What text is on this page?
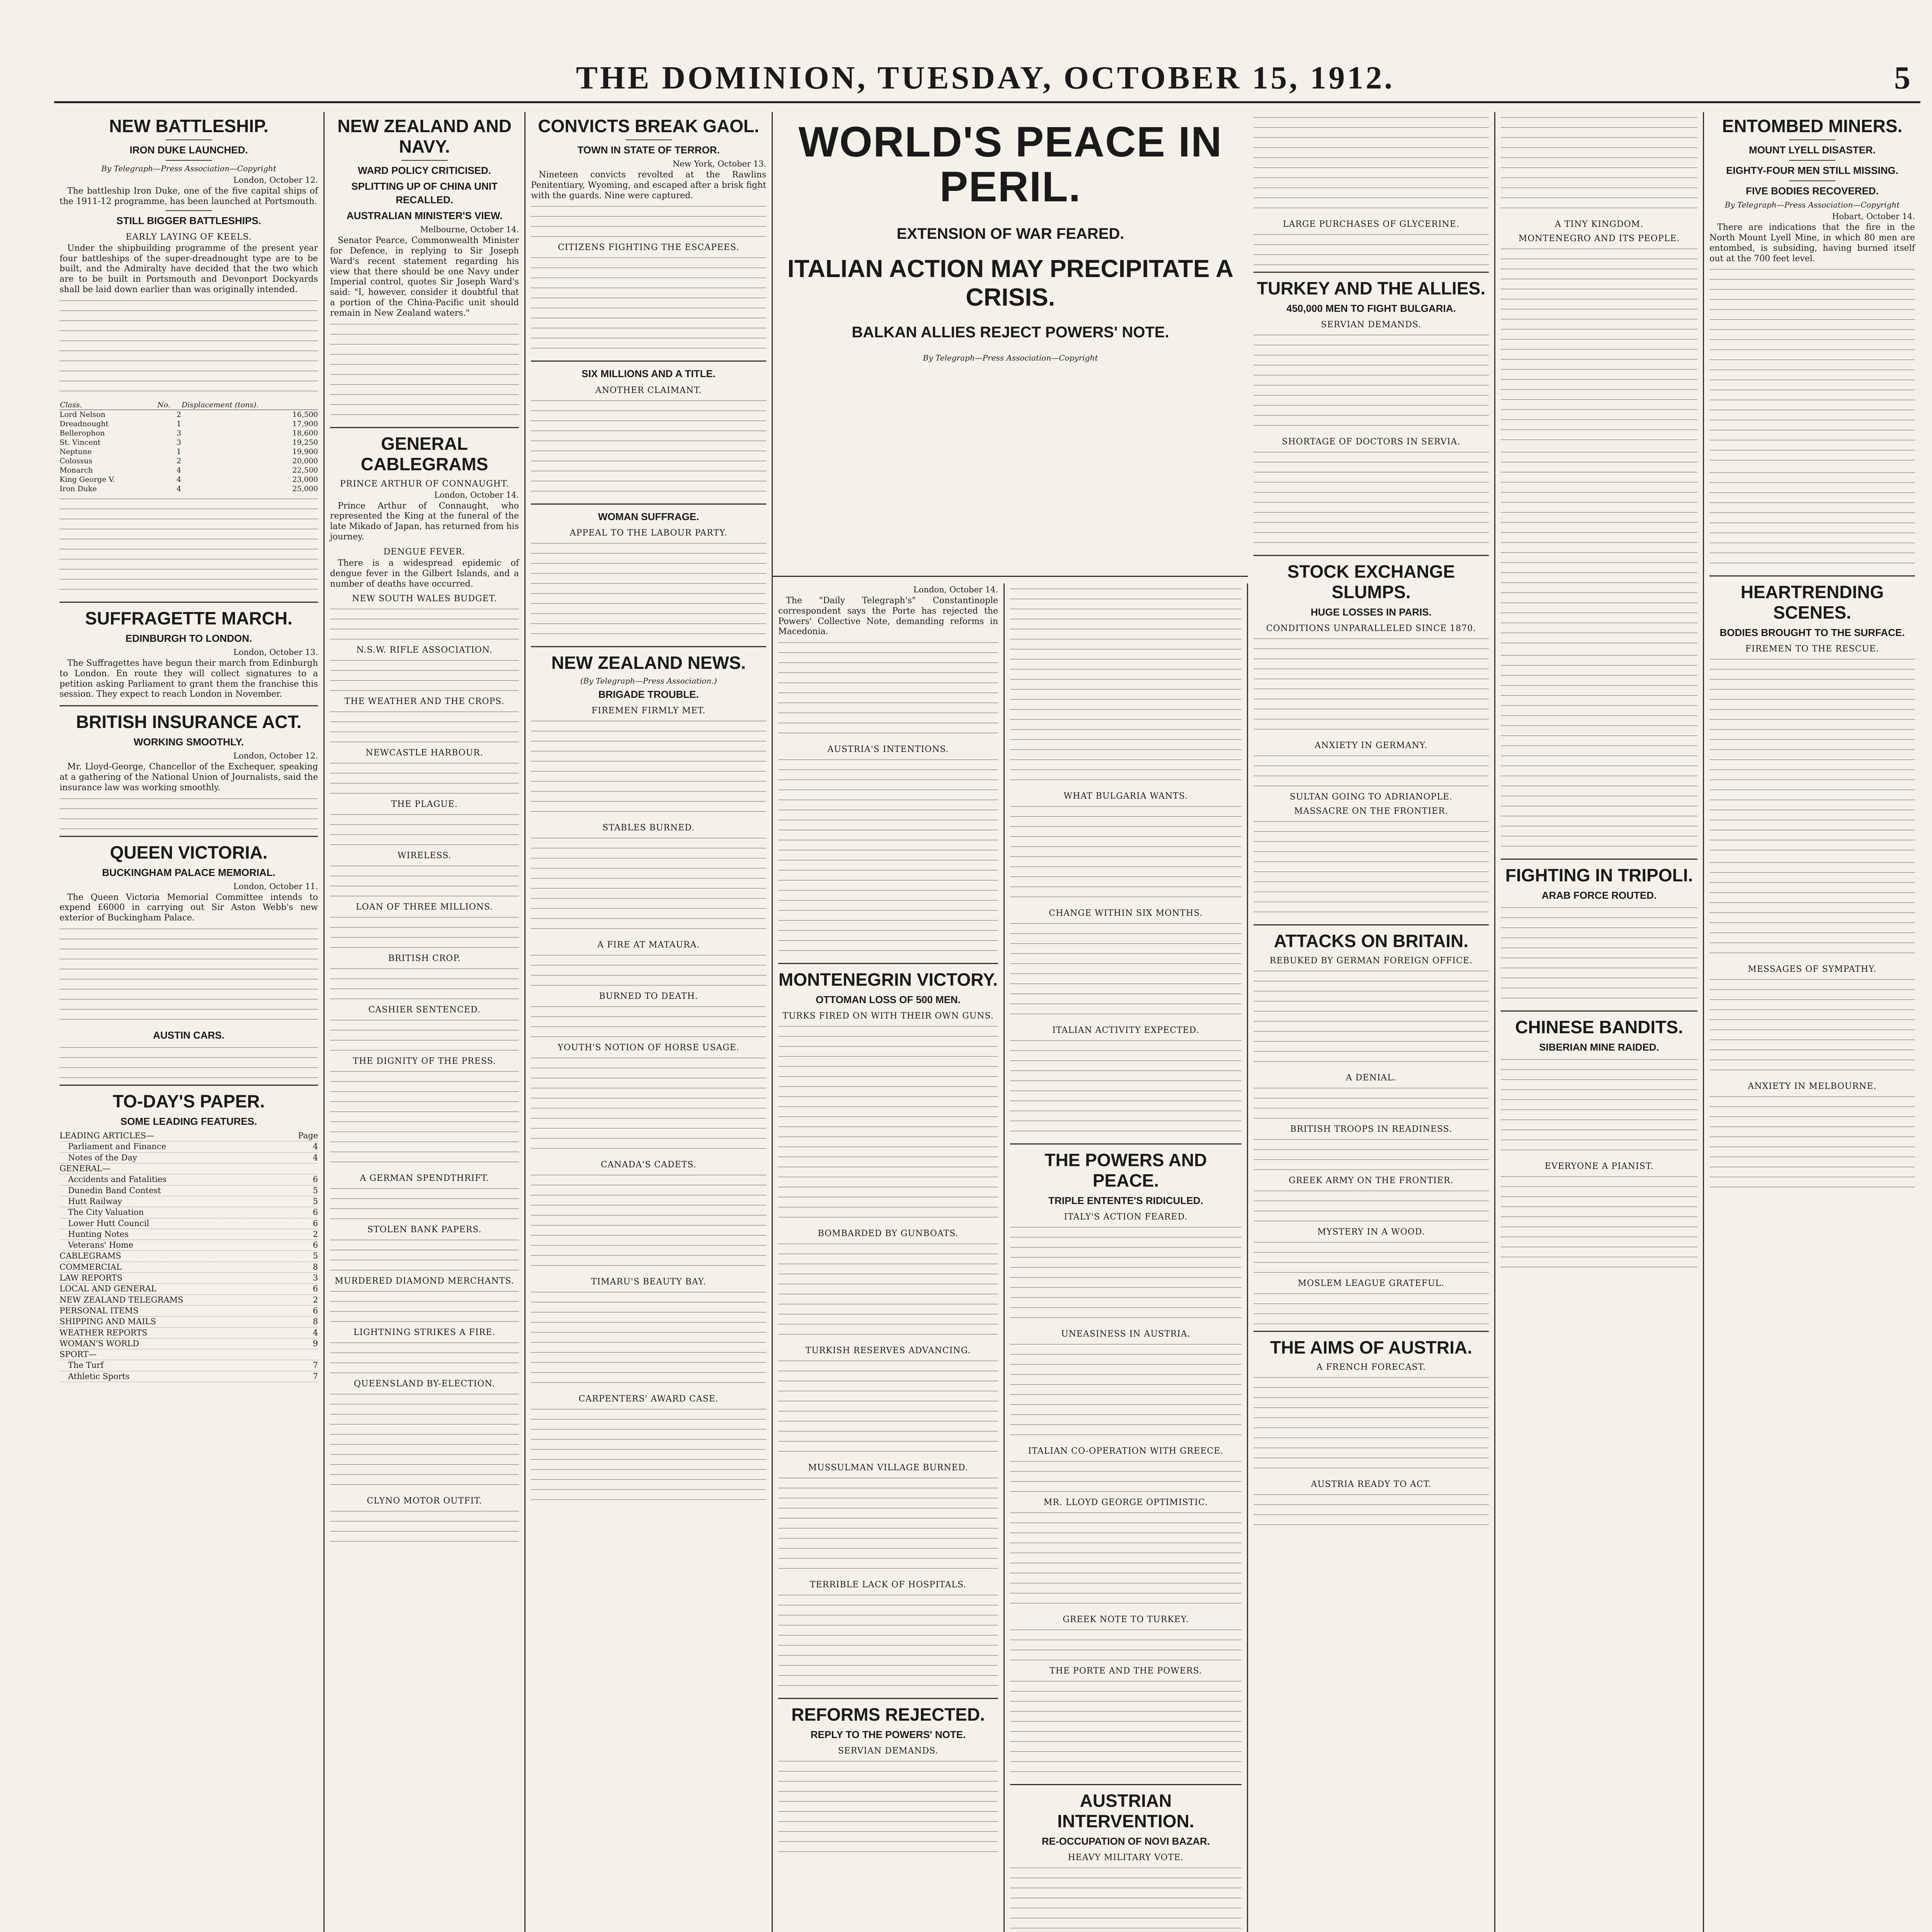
THE DOMINION, TUESDAY, OCTOBER 15, 1912.	5
NEW BATTLESHIP.
IRON DUKE LAUNCHED.
By Telegraph—Press Association—Copyright
London, October 12.

The battleship Iron Duke, one of the five capital ships of the 1911-12 programme, has been launched at Portsmouth.

STILL BIGGER BATTLESHIPS.
EARLY LAYING OF KEELS.

Under the shipbuilding programme of the present year four battleships of the super-dreadnought type are to be built, and the Admiralty have decided that the two which are to be built in Portsmouth and Devonport Dockyards shall be laid down earlier than was originally intended.

Class.	No.	Displacement (tons).
Lord Nelson	2	16,500
Dreadnought	1	17,900
Bellerophon	3	18,600
St. Vincent	3	19,250
Neptune	1	19,900
Colossus	2	20,000
Monarch	4	22,500
King George V.	4	23,000
Iron Duke	4	25,000
SUFFRAGETTE MARCH.
EDINBURGH TO LONDON.
London, October 13.

The Suffragettes have begun their march from Edinburgh to London. En route they will collect signatures to a petition asking Parliament to grant them the franchise this session. They expect to reach London in November.

BRITISH INSURANCE ACT.
WORKING SMOOTHLY.
London, October 12.

Mr. Lloyd-George, Chancellor of the Exchequer, speaking at a gathering of the National Union of Journalists, said the insurance law was working smoothly.

QUEEN VICTORIA.
BUCKINGHAM PALACE MEMORIAL.
London, October 11.

The Queen Victoria Memorial Committee intends to expend £6000 in carrying out Sir Aston Webb's new exterior of Buckingham Palace.

AUSTIN CARS.
TO-DAY'S PAPER.
SOME LEADING FEATURES.
LEADING ARTICLES—	Page
Parliament and Finance	4
Notes of the Day	4
GENERAL—
Accidents and Fatalities	6
Dunedin Band Contest	5
Hutt Railway	5
The City Valuation	6
Lower Hutt Council	6
Hunting Notes	2
Veterans' Home	6
CABLEGRAMS	5
COMMERCIAL	8
LAW REPORTS	3
LOCAL AND GENERAL	6
NEW ZEALAND TELEGRAMS	2
PERSONAL ITEMS	6
SHIPPING AND MAILS	8
WEATHER REPORTS	4
WOMAN'S WORLD	9
SPORT—
The Turf	7
Athletic Sports	7
NEW ZEALAND AND NAVY.
WARD POLICY CRITICISED.
SPLITTING UP OF CHINA UNIT RECALLED.
AUSTRALIAN MINISTER'S VIEW.
Melbourne, October 14.

Senator Pearce, Commonwealth Minister for Defence, in replying to Sir Joseph Ward's recent statement regarding his view that there should be one Navy under Imperial control, quotes Sir Joseph Ward's said: "I, however, consider it doubtful that a portion of the China-Pacific unit should remain in New Zealand waters."

GENERAL CABLEGRAMS
PRINCE ARTHUR OF CONNAUGHT.
London, October 14.

Prince Arthur of Connaught, who represented the King at the funeral of the late Mikado of Japan, has returned from his journey.

DENGUE FEVER.

There is a widespread epidemic of dengue fever in the Gilbert Islands, and a number of deaths have occurred.

NEW SOUTH WALES BUDGET.
N.S.W. RIFLE ASSOCIATION.
THE WEATHER AND THE CROPS.
NEWCASTLE HARBOUR.
THE PLAGUE.
WIRELESS.
LOAN OF THREE MILLIONS.
BRITISH CROP.
CASHIER SENTENCED.
THE DIGNITY OF THE PRESS.
A GERMAN SPENDTHRIFT.
STOLEN BANK PAPERS.
MURDERED DIAMOND MERCHANTS.
LIGHTNING STRIKES A FIRE.
QUEENSLAND BY-ELECTION.
CLYNO MOTOR OUTFIT.
CONVICTS BREAK GAOL.
TOWN IN STATE OF TERROR.
New York, October 13.

Nineteen convicts revolted at the Rawlins Penitentiary, Wyoming, and escaped after a brisk fight with the guards. Nine were captured.

CITIZENS FIGHTING THE ESCAPEES.
SIX MILLIONS AND A TITLE.
ANOTHER CLAIMANT.
WOMAN SUFFRAGE.
APPEAL TO THE LABOUR PARTY.
NEW ZEALAND NEWS.
(By Telegraph—Press Association.)
BRIGADE TROUBLE.
FIREMEN FIRMLY MET.
STABLES BURNED.
A FIRE AT MATAURA.
BURNED TO DEATH.
YOUTH'S NOTION OF HORSE USAGE.
CANADA'S CADETS.
TIMARU'S BEAUTY BAY.
CARPENTERS' AWARD CASE.
WORLD'S PEACE IN PERIL.
EXTENSION OF WAR FEARED.
ITALIAN ACTION MAY PRECIPITATE A CRISIS.
BALKAN ALLIES REJECT POWERS' NOTE.
By Telegraph—Press Association—Copyright
London, October 14.

The "Daily Telegraph's" Constantinople correspondent says the Porte has rejected the Powers' Collective Note, demanding reforms in Macedonia.

AUSTRIA'S INTENTIONS.
MONTENEGRIN VICTORY.
OTTOMAN LOSS OF 500 MEN.
TURKS FIRED ON WITH THEIR OWN GUNS.
BOMBARDED BY GUNBOATS.
TURKISH RESERVES ADVANCING.
MUSSULMAN VILLAGE BURNED.
TERRIBLE LACK OF HOSPITALS.
REFORMS REJECTED.
REPLY TO THE POWERS' NOTE.
SERVIAN DEMANDS.
WHAT BULGARIA WANTS.
CHANGE WITHIN SIX MONTHS.
ITALIAN ACTIVITY EXPECTED.
THE POWERS AND PEACE.
TRIPLE ENTENTE'S RIDICULED.
ITALY'S ACTION FEARED.
UNEASINESS IN AUSTRIA.
ITALIAN CO-OPERATION WITH GREECE.
MR. LLOYD GEORGE OPTIMISTIC.
GREEK NOTE TO TURKEY.
THE PORTE AND THE POWERS.
AUSTRIAN INTERVENTION.
RE-OCCUPATION OF NOVI BAZAR.
HEAVY MILITARY VOTE.
LARGE PURCHASES OF GLYCERINE.
TURKEY AND THE ALLIES.
450,000 MEN TO FIGHT BULGARIA.
SERVIAN DEMANDS.
SHORTAGE OF DOCTORS IN SERVIA.
STOCK EXCHANGE SLUMPS.
HUGE LOSSES IN PARIS.
CONDITIONS UNPARALLELED SINCE 1870.
ANXIETY IN GERMANY.
SULTAN GOING TO ADRIANOPLE.
MASSACRE ON THE FRONTIER.
ATTACKS ON BRITAIN.
REBUKED BY GERMAN FOREIGN OFFICE.
A DENIAL.
BRITISH TROOPS IN READINESS.
GREEK ARMY ON THE FRONTIER.
MYSTERY IN A WOOD.
MOSLEM LEAGUE GRATEFUL.
THE AIMS OF AUSTRIA.
A FRENCH FORECAST.
AUSTRIA READY TO ACT.
A TINY KINGDOM.
MONTENEGRO AND ITS PEOPLE.
FIGHTING IN TRIPOLI.
ARAB FORCE ROUTED.
CHINESE BANDITS.
SIBERIAN MINE RAIDED.
EVERYONE A PIANIST.
ENTOMBED MINERS.
MOUNT LYELL DISASTER.
EIGHTY-FOUR MEN STILL MISSING.
FIVE BODIES RECOVERED.
By Telegraph—Press Association—Copyright
Hobart, October 14.

There are indications that the fire in the North Mount Lyell Mine, in which 80 men are entombed, is subsiding, having burned itself out at the 700 feet level.

HEARTRENDING SCENES.
BODIES BROUGHT TO THE SURFACE.
FIREMEN TO THE RESCUE.
MESSAGES OF SYMPATHY.
ANXIETY IN MELBOURNE.
